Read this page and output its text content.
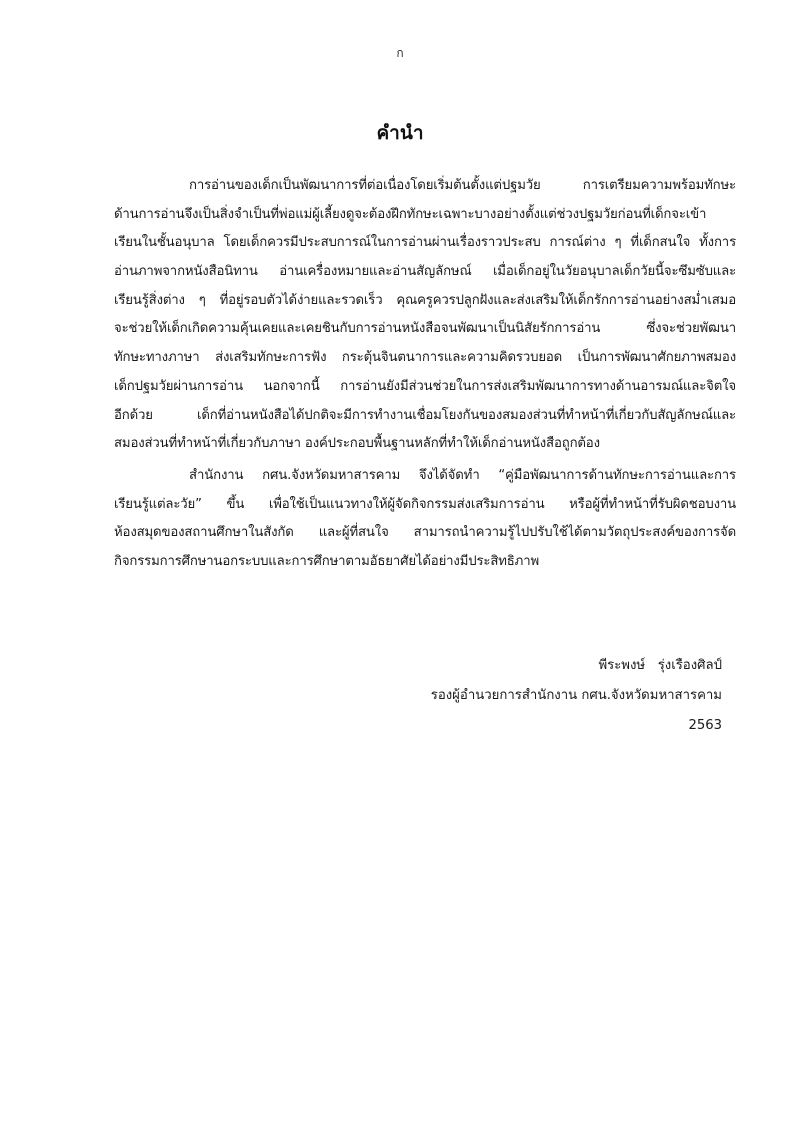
ก
คำนำ
การอ่านของเด็กเป็นพัฒนาการที่ต่อเนื่องโดยเริ่มต้นตั้งแต่ปฐมวัย การเตรียมความพร้อมทักษะ
ด้านการอ่านจึงเป็นสิ่งจำเป็นที่พ่อแม่ผู้เลี้ยงดูจะต้องฝึกทักษะเฉพาะบางอย่างตั้งแต่ช่วงปฐมวัยก่อนที่เด็กจะเข้า
เรียนในชั้นอนุบาล โดยเด็กควรมีประสบการณ์ในการอ่านผ่านเรื่องราวประสบ การณ์ต่าง ๆ ที่เด็กสนใจ ทั้งการ
อ่านภาพจากหนังสือนิทาน อ่านเครื่องหมายและอ่านสัญลักษณ์ เมื่อเด็กอยู่ในวัยอนุบาลเด็กวัยนี้จะซึมซับและ
เรียนรู้สิ่งต่าง ๆ ที่อยู่รอบตัวได้ง่ายและรวดเร็ว คุณครูควรปลูกฝังและส่งเสริมให้เด็กรักการอ่านอย่างสม่ำเสมอ
จะช่วยให้เด็กเกิดความคุ้นเคยและเคยชินกับการอ่านหนังสือจนพัฒนาเป็นนิสัยรักการอ่าน ซึ่งจะช่วยพัฒนา
ทักษะทางภาษา ส่งเสริมทักษะการฟัง กระตุ้นจินตนาการและความคิดรวบยอด เป็นการพัฒนาศักยภาพสมอง
เด็กปฐมวัยผ่านการอ่าน นอกจากนี้ การอ่านยังมีส่วนช่วยในการส่งเสริมพัฒนาการทางด้านอารมณ์และจิตใจ
อีกด้วย เด็กที่อ่านหนังสือได้ปกติจะมีการทำงานเชื่อมโยงกันของสมองส่วนที่ทำหน้าที่เกี่ยวกับสัญลักษณ์และ
สมองส่วนที่ทำหน้าที่เกี่ยวกับภาษา องค์ประกอบพื้นฐานหลักที่ทำให้เด็กอ่านหนังสือถูกต้อง
สำนักงาน กศน.จังหวัดมหาสารคาม จึงได้จัดทำ “คู่มือพัฒนาการด้านทักษะการอ่านและการ
เรียนรู้แต่ละวัย” ขึ้น เพื่อใช้เป็นแนวทางให้ผู้จัดกิจกรรมส่งเสริมการอ่าน หรือผู้ที่ทำหน้าที่รับผิดชอบงาน
ห้องสมุดของสถานศึกษาในสังกัด และผู้ที่สนใจ สามารถนำความรู้ไปปรับใช้ได้ตามวัตถุประสงค์ของการจัด
กิจกรรมการศึกษานอกระบบและการศึกษาตามอัธยาศัยได้อย่างมีประสิทธิภาพ
พีระพงษ์   รุ่งเรืองศิลป์
รองผู้อำนวยการสำนักงาน กศน.จังหวัดมหาสารคาม
2563
